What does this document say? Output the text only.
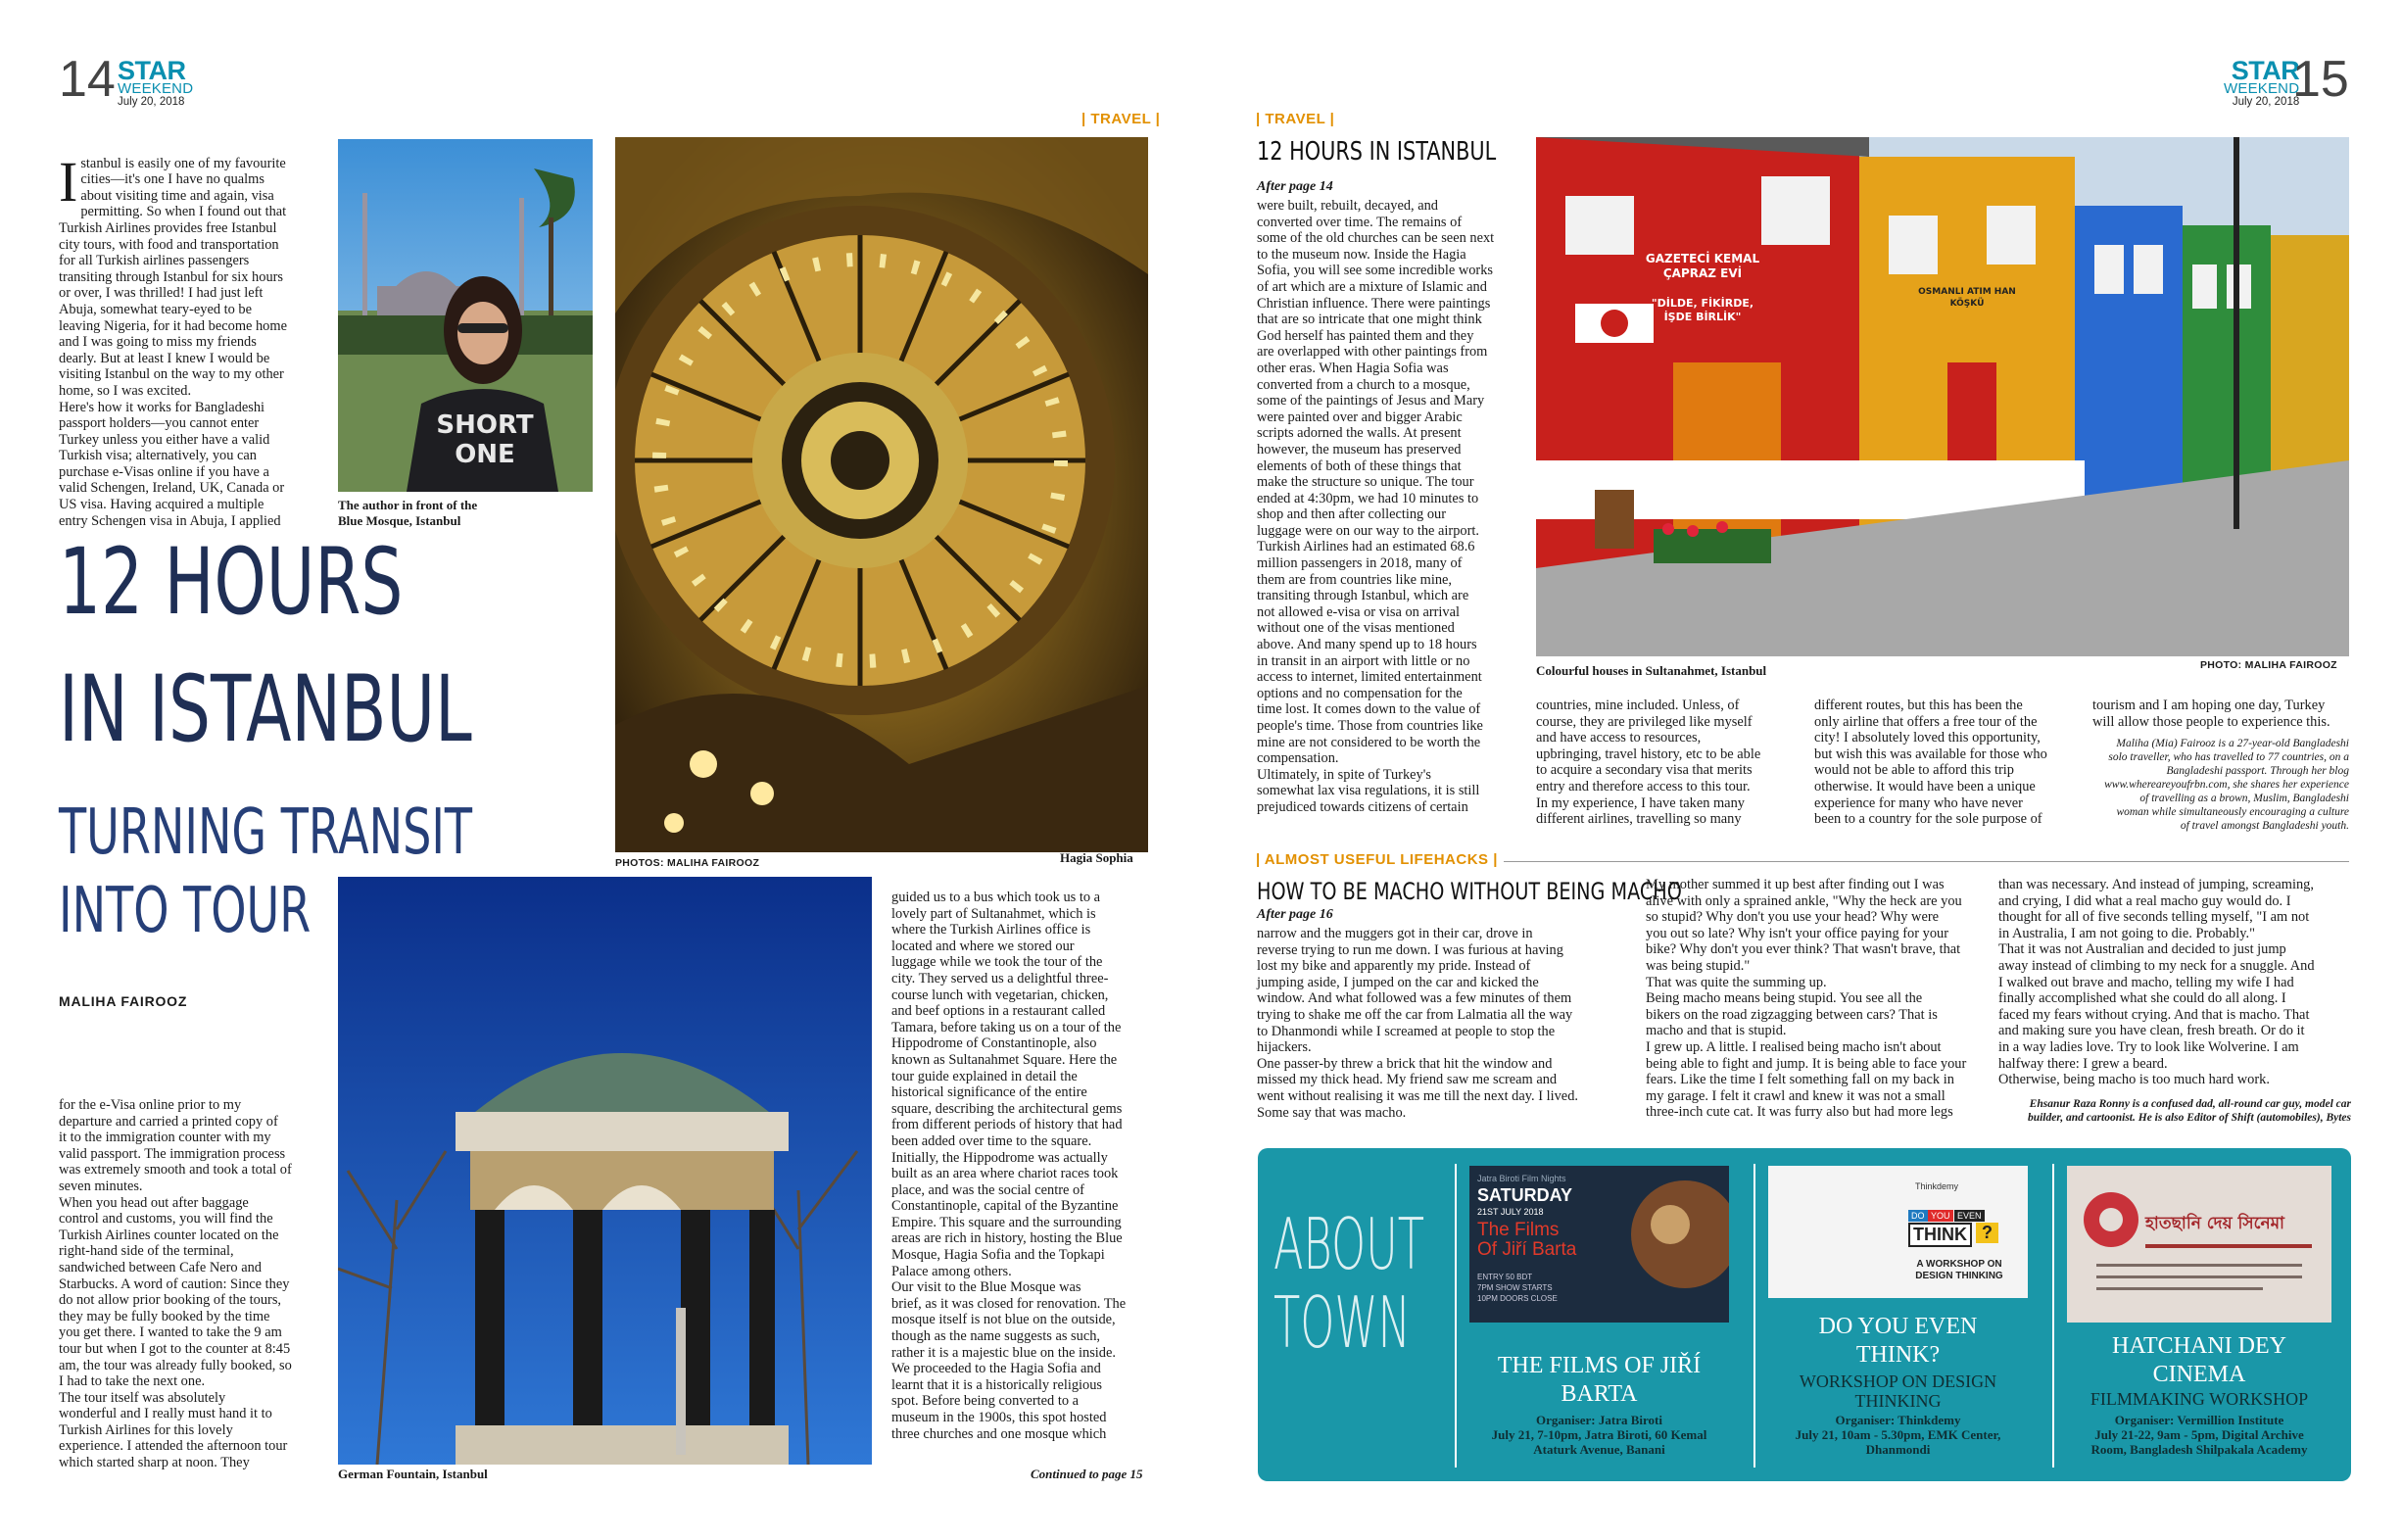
14 STAR
WEEKEND
July 20, 2018
| TRAVEL |

Istanbul is easily one of my favourite
cities—it's one I have no qualms
about visiting time and again, visa
permitting. So when I found out that
Turkish Airlines provides free Istanbul
city tours, with food and transportation
for all Turkish airlines passengers
transiting through Istanbul for six hours
or over, I was thrilled! I had just left
Abuja, somewhat teary-eyed to be
leaving Nigeria, for it had become home
and I was going to miss my friends
dearly. But at least I knew I would be
visiting Istanbul on the way to my other
home, so I was excited.
Here's how it works for Bangladeshi
passport holders—you cannot enter
Turkey unless you either have a valid
Turkish visa; alternatively, you can
purchase e-Visas online if you have a
valid Schengen, Ireland, UK, Canada or
US visa. Having acquired a multiple
entry Schengen visa in Abuja, I applied

SHORT
ONE
The author in front of the
Blue Mosque, Istanbul
PHOTOS: MALIHA FAIROOZ	Hagia Sophia
12 HOURS
IN ISTANBUL
TURNING TRANSIT
INTO TOUR
MALIHA FAIROOZ
for the e-Visa online prior to my
departure and carried a printed copy of
it to the immigration counter with my
valid passport. The immigration process
was extremely smooth and took a total of
seven minutes.
When you head out after baggage
control and customs, you will find the
Turkish Airlines counter located on the
right-hand side of the terminal,
sandwiched between Cafe Nero and
Starbucks. A word of caution: Since they
do not allow prior booking of the tours,
they may be fully booked by the time
you get there. I wanted to take the 9 am
tour but when I got to the counter at 8:45
am, the tour was already fully booked, so
I had to take the next one.
The tour itself was absolutely
wonderful and I really must hand it to
Turkish Airlines for this lovely
experience. I attended the afternoon tour
which started sharp at noon. They
German Fountain, Istanbul
guided us to a bus which took us to a
lovely part of Sultanahmet, which is
where the Turkish Airlines office is
located and where we stored our
luggage while we took the tour of the
city. They served us a delightful three-
course lunch with vegetarian, chicken,
and beef options in a restaurant called
Tamara, before taking us on a tour of the
Hippodrome of Constantinople, also
known as Sultanahmet Square. Here the
tour guide explained in detail the
historical significance of the entire
square, describing the architectural gems
from different periods of history that had
been added over time to the square.
Initially, the Hippodrome was actually
built as an area where chariot races took
place, and was the social centre of
Constantinople, capital of the Byzantine
Empire. This square and the surrounding
areas are rich in history, hosting the Blue
Mosque, Hagia Sofia and the Topkapi
Palace among others.
Our visit to the Blue Mosque was
brief, as it was closed for renovation. The
mosque itself is not blue on the outside,
though as the name suggests as such,
rather it is a majestic blue on the inside.
We proceeded to the Hagia Sofia and
learnt that it is a historically religious
spot. Before being converted to a
museum in the 1900s, this spot hosted
three churches and one mosque which
Continued to page 15
STAR
WEEKEND
July 20, 2018
15
| TRAVEL |
12 HOURS IN ISTANBUL
After page 14
were built, rebuilt, decayed, and
converted over time. The remains of
some of the old churches can be seen next
to the museum now. Inside the Hagia
Sofia, you will see some incredible works
of art which are a mixture of Islamic and
Christian influence. There were paintings
that are so intricate that one might think
God herself has painted them and they
are overlapped with other paintings from
other eras. When Hagia Sofia was
converted from a church to a mosque,
some of the paintings of Jesus and Mary
were painted over and bigger Arabic
scripts adorned the walls. At present
however, the museum has preserved
elements of both of these things that
make the structure so unique. The tour
ended at 4:30pm, we had 10 minutes to
shop and then after collecting our
luggage were on our way to the airport.
Turkish Airlines had an estimated 68.6
million passengers in 2018, many of
them are from countries like mine,
transiting through Istanbul, which are
not allowed e-visa or visa on arrival
without one of the visas mentioned
above. And many spend up to 18 hours
in transit in an airport with little or no
access to internet, limited entertainment
options and no compensation for the
time lost. It comes down to the value of
people's time. Those from countries like
mine are not considered to be worth the
compensation.
Ultimately, in spite of Turkey's
somewhat lax visa regulations, it is still
prejudiced towards citizens of certain
GAZETECİ KEMAL
ÇAPRAZ EVİ
"DİLDE, FİKİRDE,
İŞDE BİRLİK"
OSMANLI ATIM HAN
KÖŞKÜ
Colourful houses in Sultanahmet, Istanbul	PHOTO: MALIHA FAIROOZ
countries, mine included. Unless, of
course, they are privileged like myself
and have access to resources,
upbringing, travel history, etc to be able
to acquire a secondary visa that merits
entry and therefore access to this tour.
In my experience, I have taken many
different airlines, travelling so many
different routes, but this has been the
only airline that offers a free tour of the
city! I absolutely loved this opportunity,
but wish this was available for those who
would not be able to afford this trip
otherwise. It would have been a unique
experience for many who have never
been to a country for the sole purpose of
tourism and I am hoping one day, Turkey
will allow those people to experience this.
Maliha (Mia) Fairooz is a 27-year-old Bangladeshi
solo traveller, who has travelled to 77 countries, on a
Bangladeshi passport. Through her blog
www.whereareyoufrbn.com, she shares her experience
of travelling as a brown, Muslim, Bangladeshi
woman while simultaneously encouraging a culture
of travel amongst Bangladeshi youth.
| ALMOST USEFUL LIFEHACKS |
HOW TO BE MACHO WITHOUT BEING MACHO
After page 16
narrow and the muggers got in their car, drove in
reverse trying to run me down. I was furious at having
lost my bike and apparently my pride. Instead of
jumping aside, I jumped on the car and kicked the
window. And what followed was a few minutes of them
trying to shake me off the car from Lalmatia all the way
to Dhanmondi while I screamed at people to stop the
hijackers.
One passer-by threw a brick that hit the window and
missed my thick head. My friend saw me scream and
went without realising it was me till the next day. I lived.
Some say that was macho.
My mother summed it up best after finding out I was
alive with only a sprained ankle, "Why the heck are you
so stupid? Why don't you use your head? Why were
you out so late? Why isn't your office paying for your
bike? Why don't you ever think? That wasn't brave, that
was being stupid."
That was quite the summing up.
Being macho means being stupid. You see all the
bikers on the road zigzagging between cars? That is
macho and that is stupid.
I grew up. A little. I realised being macho isn't about
being able to fight and jump. It is being able to face your
fears. Like the time I felt something fall on my back in
my garage. I felt it crawl and knew it was not a small
three-inch cute cat. It was furry also but had more legs
than was necessary. And instead of jumping, screaming,
and crying, I did what a real macho guy would do. I
thought for all of five seconds telling myself, "I am not
in Australia, I am not going to die. Probably."
That it was not Australian and decided to just jump
away instead of climbing to my neck for a snuggle. And
I walked out brave and macho, telling my wife I had
finally accomplished what she could do all along. I
faced my fears without crying. And that is macho. That
and making sure you have clean, fresh breath. Or do it
in a way ladies love. Try to look like Wolverine. I am
halfway there: I grew a beard.
Otherwise, being macho is too much hard work.
Ehsanur Raza Ronny is a confused dad, all-round car guy, model car
builder, and cartoonist. He is also Editor of Shift (automobiles), Bytes
ABOUT
TOWN
Jatra Biroti Film Nights
SATURDAY
21ST JULY 2018
The Films
Of Jiří Barta
ENTRY 50 BDT
7PM SHOW STARTS
10PM DOORS CLOSE
THE FILMS OF JIŘÍ
BARTA
Organiser: Jatra Biroti
July 21, 7-10pm, Jatra Biroti, 60 Kemal
Ataturk Avenue, Banani
Thinkdemy
DO YOU EVEN
THINK ?
A WORKSHOP ON
DESIGN THINKING
DO YOU EVEN
THINK?
WORKSHOP ON DESIGN
THINKING
Organiser: Thinkdemy
July 21, 10am - 5.30pm, EMK Center,
Dhanmondi
হাতছানি দেয় সিনেমা
HATCHANI DEY
CINEMA
FILMMAKING WORKSHOP
Organiser: Vermillion Institute
July 21-22, 9am - 5pm, Digital Archive
Room, Bangladesh Shilpakala Academy
